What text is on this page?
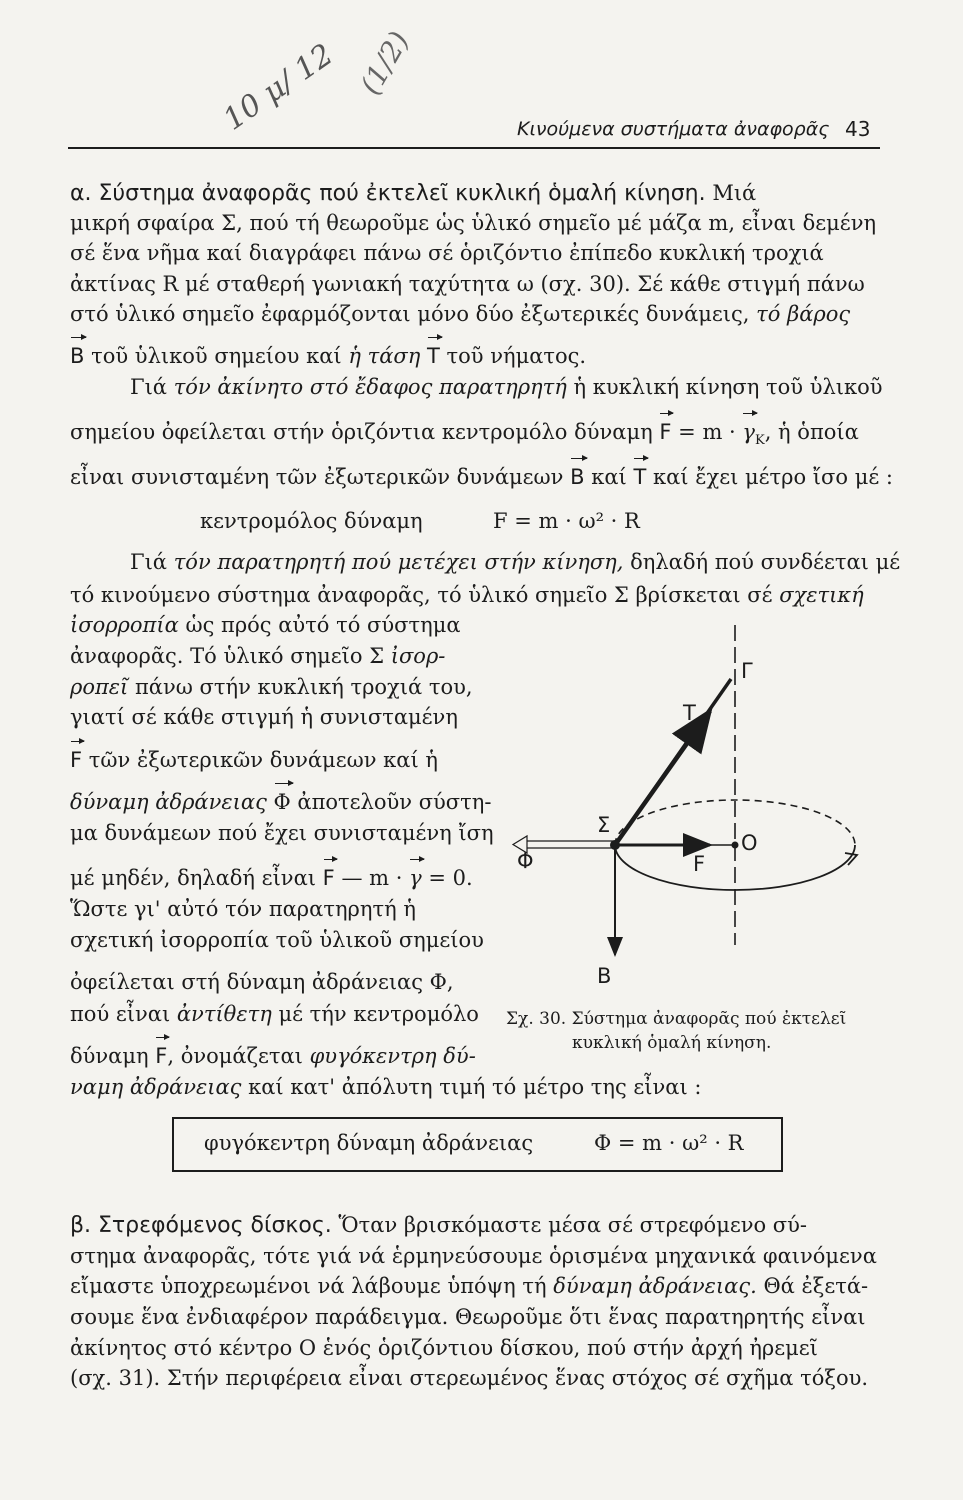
10 μ/ 12 (1/2)
Κινούμενα συστήματα ἀναφορᾶς 43
α. Σύστημα ἀναφορᾶς πού ἐκτελεῖ κυκλική ὁμαλή κίνηση. Μιά
μικρή σφαίρα Σ, πού τή θεωροῦμε ὡς ὑλικό σημεῖο μέ μάζα m, εἶναι δεμένη
σέ ἕνα νῆμα καί διαγράφει πάνω σέ ὁριζόντιο ἐπίπεδο κυκλική τροχιά
ἀκτίνας R μέ σταθερή γωνιακή ταχύτητα ω (σχ. 30). Σέ κάθε στιγμή πάνω
στό ὑλικό σημεῖο ἐφαρμόζονται μόνο δύο ἐξωτερικές δυνάμεις, τό βάρος
B τοῦ ὑλικοῦ σημείου καί ἡ τάση T τοῦ νήματος.
Γιά τόν ἀκίνητο στό ἔδαφος παρατηρητή ἡ κυκλική κίνηση τοῦ ὑλικοῦ
σημείου ὀφείλεται στήν ὁριζόντια κεντρομόλο δύναμη $F = m \cdot \gamma_K$, ἡ ὁποία
εἶναι συνισταμένη τῶν ἐξωτερικῶν δυνάμεων B καί T καί ἔχει μέτρο ἴσο μέ :
κεντρομόλος δύναμη	F = m · ω² · R
Γιά τόν παρατηρητή πού μετέχει στήν κίνηση, δηλαδή πού συνδέεται μέ
τό κινούμενο σύστημα ἀναφορᾶς, τό ὑλικό σημεῖο Σ βρίσκεται σέ σχετική
ἰσορροπία ὡς πρός αὐτό τό σύστημα
ἀναφορᾶς. Τό ὑλικό σημεῖο Σ ἰσορ-
ροπεῖ πάνω στήν κυκλική τροχιά του,
γιατί σέ κάθε στιγμή ἡ συνισταμένη
F τῶν ἐξωτερικῶν δυνάμεων καί ἡ
δύναμη ἀδράνειας Φ ἀποτελοῦν σύστη-
μα δυνάμεων πού ἔχει συνισταμένη ἴση
μέ μηδέν, δηλαδή εἶναι F — m · γ = 0.
Ὥστε γι' αὐτό τόν παρατηρητή ἡ
σχετική ἰσορροπία τοῦ ὑλικοῦ σημείου
ὀφείλεται στή δύναμη ἀδράνειας Φ,
πού εἶναι ἀντίθετη μέ τήν κεντρομόλο
δύναμη F, ὀνομάζεται φυγόκεντρη δύ-
ναμη ἀδράνειας καί κατ' ἀπόλυτη τιμή τό μέτρο της εἶναι :
φυγόκεντρη δύναμη ἀδράνειας	Φ = m · ω² · R
Γ
T
Σ
O
Φ	F
B
Σχ. 30. Σύστημα ἀναφορᾶς πού ἐκτελεῖ
κυκλική ὁμαλή κίνηση.
β. Στρεφόμενος δίσκος. Ὅταν βρισκόμαστε μέσα σέ στρεφόμενο σύ-
στημα ἀναφορᾶς, τότε γιά νά ἑρμηνεύσουμε ὁρισμένα μηχανικά φαινόμενα
εἴμαστε ὑποχρεωμένοι νά λάβουμε ὑπόψη τή δύναμη ἀδράνειας. Θά ἐξετά-
σουμε ἕνα ἐνδιαφέρον παράδειγμα. Θεωροῦμε ὅτι ἕνας παρατηρητής εἶναι
ἀκίνητος στό κέντρο O ἑνός ὁριζόντιου δίσκου, πού στήν ἀρχή ἠρεμεῖ
(σχ. 31). Στήν περιφέρεια εἶναι στερεωμένος ἕνας στόχος σέ σχῆμα τόξου.
